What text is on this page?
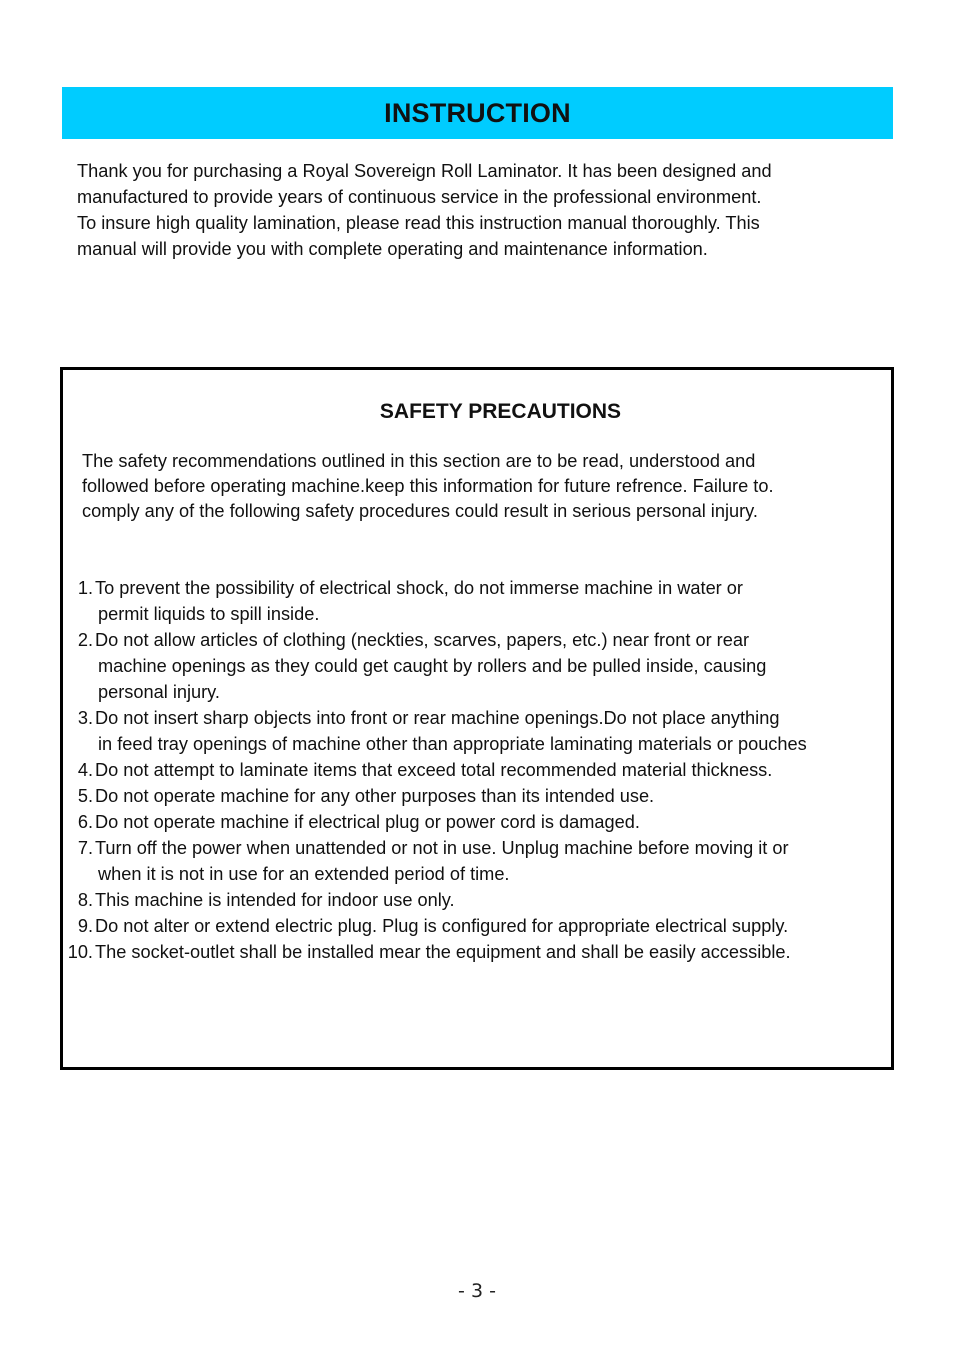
INSTRUCTION
Thank you for purchasing a Royal Sovereign Roll Laminator. It has been designed and
manufactured to provide years of continuous service in the professional environment.
To insure high quality lamination, please read this instruction manual thoroughly. This
manual will provide you with complete operating and maintenance information.
SAFETY PRECAUTIONS
The safety recommendations outlined in this section are to be read, understood and
followed before operating machine.keep this information for future refrence. Failure to.
comply any of the following safety procedures could result in serious personal injury.
1. To prevent the possibility of electrical shock, do not immerse machine in water or
permit liquids to spill inside.
2. Do not allow articles of clothing (neckties, scarves, papers, etc.) near front or rear
machine openings as they could get caught by rollers and be pulled inside, causing
personal injury.
3. Do not insert sharp objects into front or rear machine openings.Do not place anything
in feed tray openings of machine other than appropriate laminating materials or pouches
4. Do not attempt to laminate items that exceed total recommended material thickness.
5. Do not operate machine for any other purposes than its intended use.
6. Do not operate machine if electrical plug or power cord is damaged.
7. Turn off the power when unattended or not in use. Unplug machine before moving it or
when it is not in use for an extended period of time.
8. This machine is intended for indoor use only.
9. Do not alter or extend electric plug. Plug is configured for appropriate electrical supply.
10. The socket-outlet shall be installed mear the equipment and shall be easily accessible.
- 3 -
